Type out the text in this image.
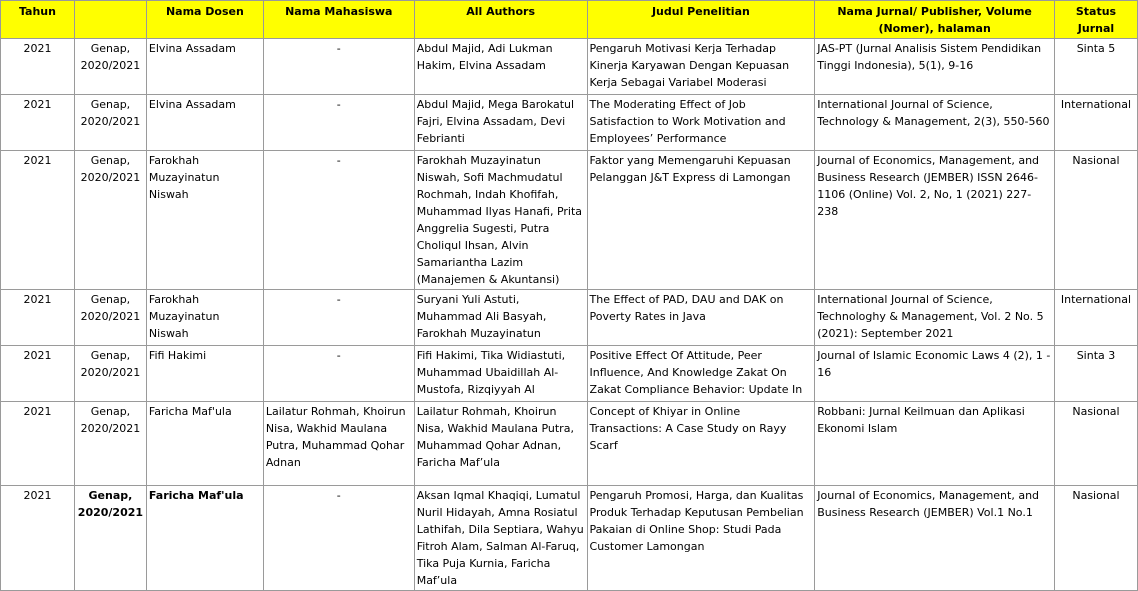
Tahun		Nama Dosen	Nama Mahasiswa	All Authors	Judul Penelitian	Nama Jurnal/ Publisher, Volume (Nomer), halaman	Status Jurnal
2021	Genap, 2020/2021	Elvina Assadam	-	Abdul Majid, Adi Lukman Hakim, Elvina Assadam	Pengaruh Motivasi Kerja Terhadap Kinerja Karyawan Dengan Kepuasan Kerja Sebagai Variabel Moderasi	JAS-PT (Jurnal Analisis Sistem Pendidikan Tinggi Indonesia), 5(1), 9-16	Sinta 5
2021	Genap, 2020/2021	Elvina Assadam	-	Abdul Majid, Mega Barokatul Fajri, Elvina Assadam, Devi Febrianti	The Moderating Effect of Job Satisfaction to Work Motivation and Employees’ Performance	International Journal of Science, Technology & Management, 2(3), 550-560	International
2021	Genap, 2020/2021	Farokhah Muzayinatun Niswah	-	Farokhah Muzayinatun Niswah, Sofi Machmudatul Rochmah, Indah Khofifah, Muhammad Ilyas Hanafi, Prita Anggrelia Sugesti, Putra Choliqul Ihsan, Alvin Samariantha Lazim (Manajemen & Akuntansi)	Faktor yang Memengaruhi Kepuasan Pelanggan J&T Express di Lamongan	Journal of Economics, Management, and Business Research (JEMBER) ISSN 2646-1106 (Online) Vol. 2, No, 1 (2021) 227-238	Nasional
2021	Genap, 2020/2021	Farokhah Muzayinatun Niswah	-	Suryani Yuli Astuti, Muhammad Ali Basyah, Farokhah Muzayinatun	The Effect of PAD, DAU and DAK on Poverty Rates in Java	International Journal of Science, Technologhy & Management, Vol. 2 No. 5 (2021): September 2021	International
2021	Genap, 2020/2021	Fifi Hakimi	-	Fifi Hakimi, Tika Widiastuti, Muhammad Ubaidillah Al-Mustofa, Rizqiyyah Al	Positive Effect Of Attitude, Peer Influence, And Knowledge Zakat On Zakat Compliance Behavior: Update In	Journal of Islamic Economic Laws 4 (2), 1 - 16	Sinta 3
2021	Genap, 2020/2021	Faricha Maf'ula	Lailatur Rohmah, Khoirun Nisa, Wakhid Maulana Putra, Muhammad Qohar Adnan	Lailatur Rohmah, Khoirun Nisa, Wakhid Maulana Putra, Muhammad Qohar Adnan, Faricha Maf’ula	Concept of Khiyar in Online Transactions: A Case Study on Rayy Scarf	Robbani: Jurnal Keilmuan dan Aplikasi Ekonomi Islam	Nasional
2021	Genap, 2020/2021	Faricha Maf'ula	-	Aksan Iqmal Khaqiqi, Lumatul Nuril Hidayah, Amna Rosiatul Lathifah, Dila Septiara, Wahyu Fitroh Alam, Salman Al-Faruq, Tika Puja Kurnia, Faricha Maf’ula	Pengaruh Promosi, Harga, dan Kualitas Produk Terhadap Keputusan Pembelian Pakaian di Online Shop: Studi Pada Customer Lamongan	Journal of Economics, Management, and Business Research (JEMBER) Vol.1 No.1	Nasional
